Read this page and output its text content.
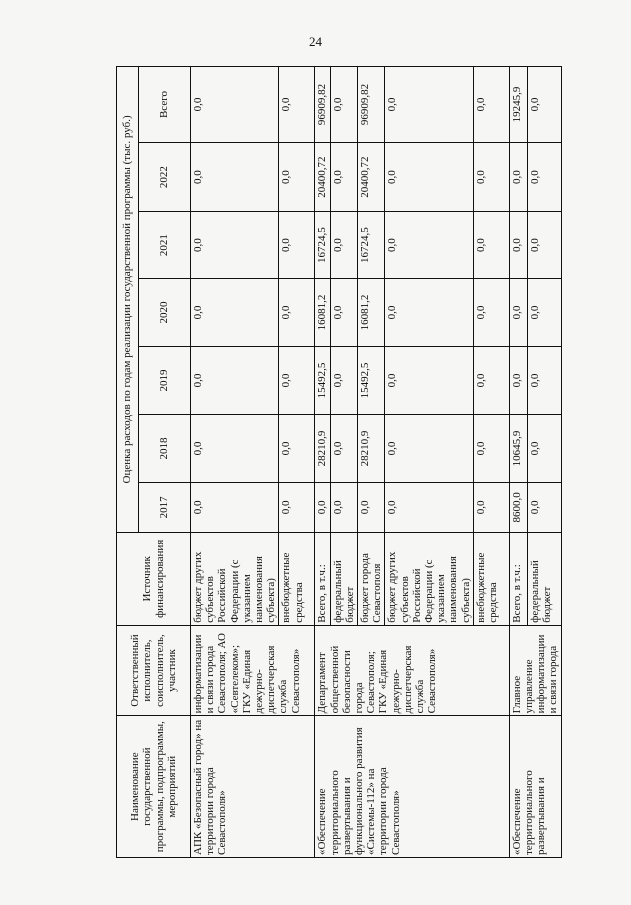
24
Наименование государственной программы, подпрограммы, мероприятий	Ответственный исполнитель, соисполнитель, участник	Источник финансирования	Оценка расходов по годам реализации государственной программы (тыс. руб.)						
			2017	2018	2019	2020	2021	2022	Всего
АПК «Безопасный город» на территории города Севастополя»	информатизации и связи города Севастополя; АО «Севтелеком»; ГКУ «Единая дежурно-диспетчерская служба Севастополя»	бюджет других субъектов Российской Федерации (с указанием наименования субъекта)	0,0	0,0	0,0	0,0	0,0	0,0	0,0
		внебюджетные средства	0,0	0,0	0,0	0,0	0,0	0,0	0,0
«Обеспечение территориального развертывания и функционального развития «Системы-112» на территории города Севастополя»	Департамент общественной безопасности города Севастополя; ГКУ «Единая дежурно-диспетчерская служба Севастополя»	Всего, в т.ч.:	0,0	28210,9	15492,5	16081,2	16724,5	20400,72	96909,82
		федеральный бюджет	0,0	0,0	0,0	0,0	0,0	0,0	0,0
		бюджет города Севастополя	0,0	28210,9	15492,5	16081,2	16724,5	20400,72	96909,82
		бюджет других субъектов Российской Федерации (с указанием наименования субъекта)	0,0	0,0	0,0	0,0	0,0	0,0	0,0
		внебюджетные средства	0,0	0,0	0,0	0,0	0,0	0,0	0,0
«Обеспечение территориального развертывания и	Главное управление информатизации и связи города	Всего, в т.ч.:	8600,0	10645,9	0,0	0,0	0,0	0,0	19245,9
		федеральный бюджет	0,0	0,0	0,0	0,0	0,0	0,0	0,0
